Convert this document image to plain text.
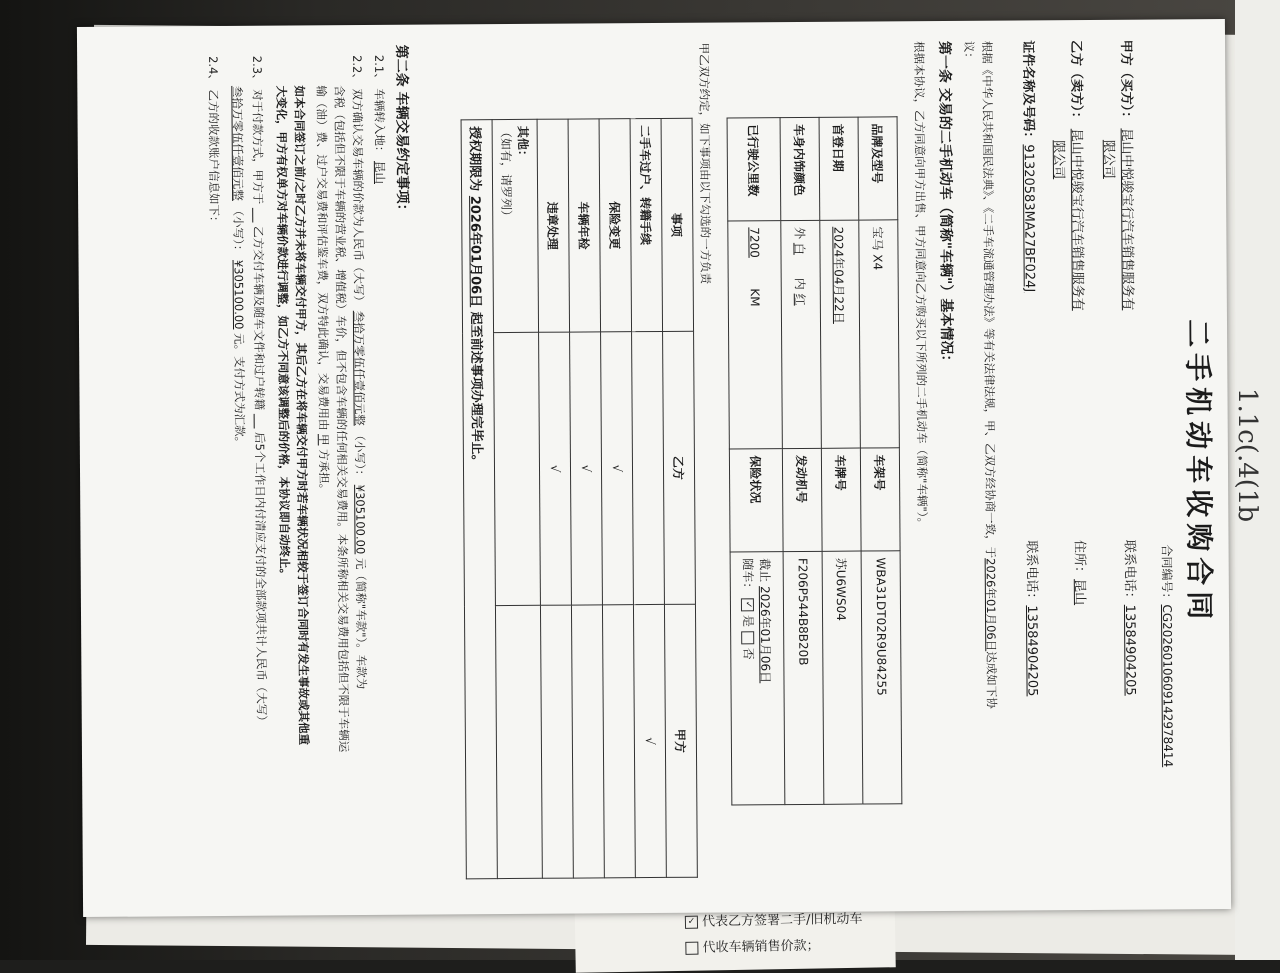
✓ 代表乙方签署二手/旧机动车
代收车辆销售价款；
1.1c(.4(1b
二手机动车收购合同
合同编号：CG2026010609142978414
甲方（买方）： 昆山中悦骏宝行汽车销售服务有
限公司
联系电话：13584904205
乙方（卖方）： 昆山中悦骏宝行汽车销售服务有
限公司
住所：昆山
证件名称及号码：913205​83MA27BF024J
联系电话：13584904205
根据《中华人民共和国民法典》、《二手车流通管理办法》等有关法律法规，甲、乙双方经协商一致，于2026年01月06日达成如下协
议：
第一条 交易的二手机动车（简称"车辆"）基本情况：
根据本协议，乙方同意向甲方出售、甲方同意向乙方购买以下所列的二手机动车（简称"车辆"）。
品牌及型号	宝马 X4	车架号	WBA31DT02R9U84255
首登日期	2024年04月22日	车牌号	苏U6WS04
车身内饰颜色	外 白      内 红	发动机号	F206P544B8B20B
已行驶公里数	7200        KM	保险状况	截止 2026年01月06日
随车： ✓ 是  否
甲乙双方约定，如下事项由以下勾选的一方负责
事项	乙方	甲方
二手车过户、转籍手续		√
保险变更	√	
车辆年检	√	
违章处理	√	

其他：
（如有，请罗列）		

授权期限为 2026年01月06日 起至前述事项办理完毕止。		
第二条 车辆交易约定事项：
2.1、 车辆转入地： 昆山
2.2、 双方确认交易车辆的价款为人民币（大写） 叁拾万零伍仟壹佰元整 （小写）： ¥305100.00 元（简称"车款"）。车款为
含税（包括但不限于车辆的营业税、增值税）车价，但不包含车辆的任何相关交易费用。本条所称相关交易费用包括但不限于车辆运
输（油）费、过户交易费和评估鉴车费，双方特此确认，交易费用由 甲 方承担。
如本合同签订之前/之时乙方并未将车辆交付甲方，其后乙方在将车辆交付甲方时若车辆状况相较于签订合同时有发生事故或其他重
大变化，甲方有权单方对车辆价款进行调整，如乙方不同意该调整后的价格，本协议即自动终止。
2.3、 对于付款方式，甲方于      乙方交付车辆及随车文件和过户转籍      后5个工作日内付清应支付的全部款项共计人民币（大写）
叁拾万零伍仟壹佰元整 （小写）： ¥305100.00 元。支付方式为汇款。
2.4、 乙方的收款账户信息如下：
